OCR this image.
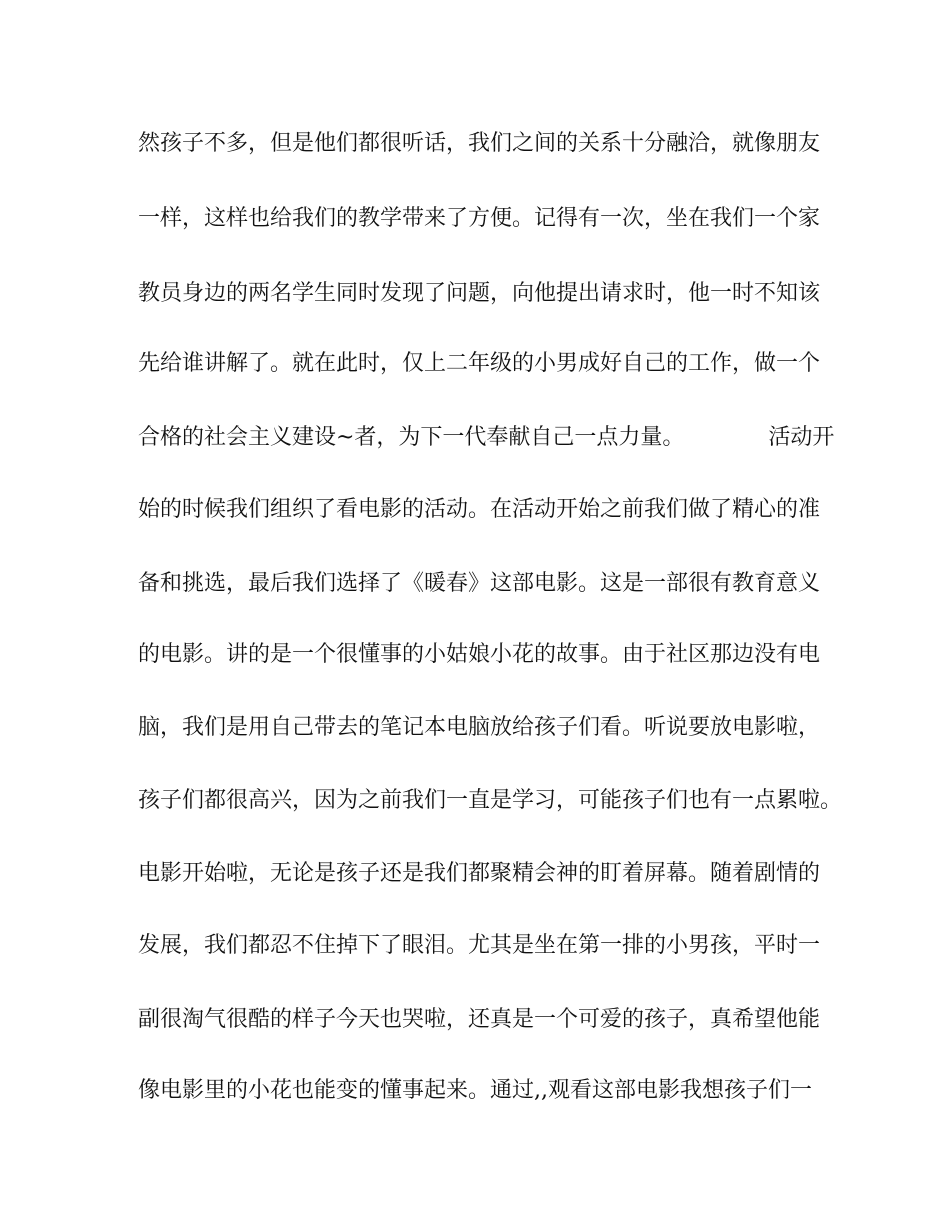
然孩子不多，但是他们都很听话，我们之间的关系十分融洽，就像朋友
一样，这样也给我们的教学带来了方便。记得有一次，坐在我们一个家
教员身边的两名学生同时发现了问题，向他提出请求时，他一时不知该
先给谁讲解了。就在此时，仅上二年级的小男成好自己的工作，做一个
合格的社会主义建设~者，为下一代奉献自己一点力量。            活动开
始的时候我们组织了看电影的活动。在活动开始之前我们做了精心的准
备和挑选，最后我们选择了《暖春》这部电影。这是一部很有教育意义
的电影。讲的是一个很懂事的小姑娘小花的故事。由于社区那边没有电
脑，我们是用自己带去的笔记本电脑放给孩子们看。听说要放电影啦，
孩子们都很高兴，因为之前我们一直是学习，可能孩子们也有一点累啦。
电影开始啦，无论是孩子还是我们都聚精会神的盯着屏幕。随着剧情的
发展，我们都忍不住掉下了眼泪。尤其是坐在第一排的小男孩，平时一
副很淘气很酷的样子今天也哭啦，还真是一个可爱的孩子，真希望他能
像电影里的小花也能变的懂事起来。通过,,观看这部电影我想孩子们一
